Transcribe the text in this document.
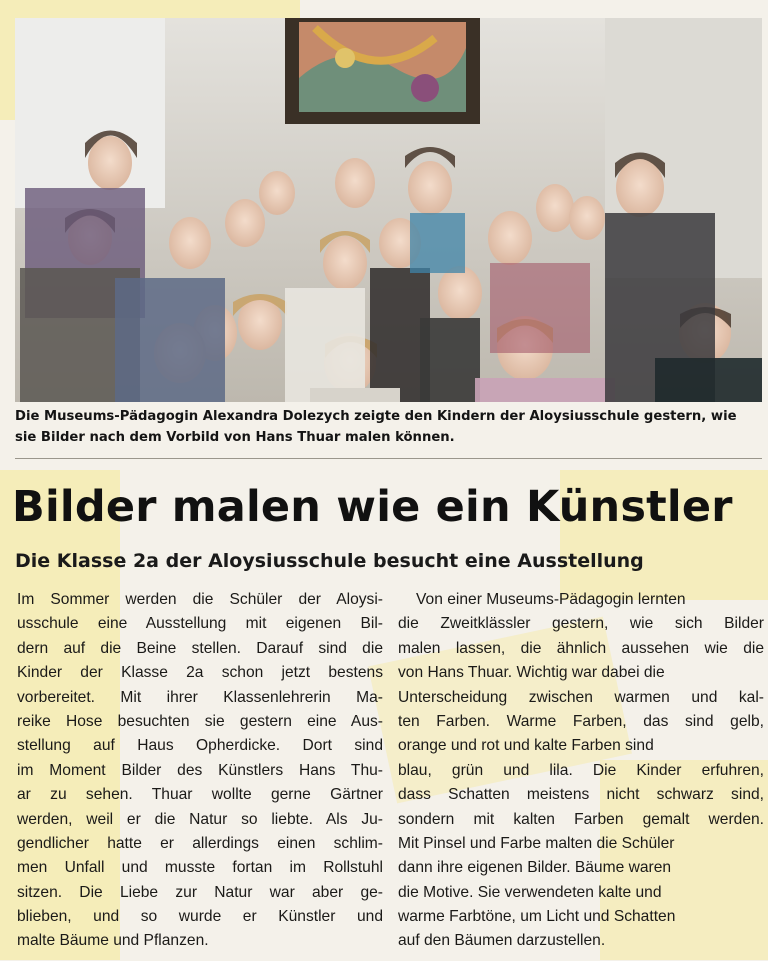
Die Museums-Pädagogin Alexandra Dolezych zeigte den Kindern der Aloysiusschule gestern, wie sie Bilder nach dem Vorbild von Hans Thuar malen können.
Bilder malen wie ein Künstler
Die Klasse 2a der Aloysiusschule besucht eine Ausstellung
Im Sommer werden die Schüler der Aloysi-
usschule eine Ausstellung mit eigenen Bil-
dern auf die Beine stellen. Darauf sind die
Kinder der Klasse 2a schon jetzt bestens
vorbereitet. Mit ihrer Klassenlehrerin Ma-
reike Hose besuchten sie gestern eine Aus-
stellung auf Haus Opherdicke. Dort sind
im Moment Bilder des Künstlers Hans Thu-
ar zu sehen. Thuar wollte gerne Gärtner
werden, weil er die Natur so liebte. Als Ju-
gendlicher hatte er allerdings einen schlim-
men Unfall und musste fortan im Rollstuhl
sitzen. Die Liebe zur Natur war aber ge-
blieben, und so wurde er Künstler und
malte Bäume und Pflanzen.
Von einer Museums-Pädagogin lernten
die Zweitklässler gestern, wie sich Bilder
malen lassen, die ähnlich aussehen wie die
von Hans Thuar. Wichtig war dabei die
Unterscheidung zwischen warmen und kal-
ten Farben. Warme Farben, das sind gelb,
orange und rot und kalte Farben sind
blau, grün und lila. Die Kinder erfuhren,
dass Schatten meistens nicht schwarz sind,
sondern mit kalten Farben gemalt werden.
Mit Pinsel und Farbe malten die Schüler
dann ihre eigenen Bilder. Bäume waren
die Motive. Sie verwendeten kalte und
warme Farbtöne, um Licht und Schatten
auf den Bäumen darzustellen.
